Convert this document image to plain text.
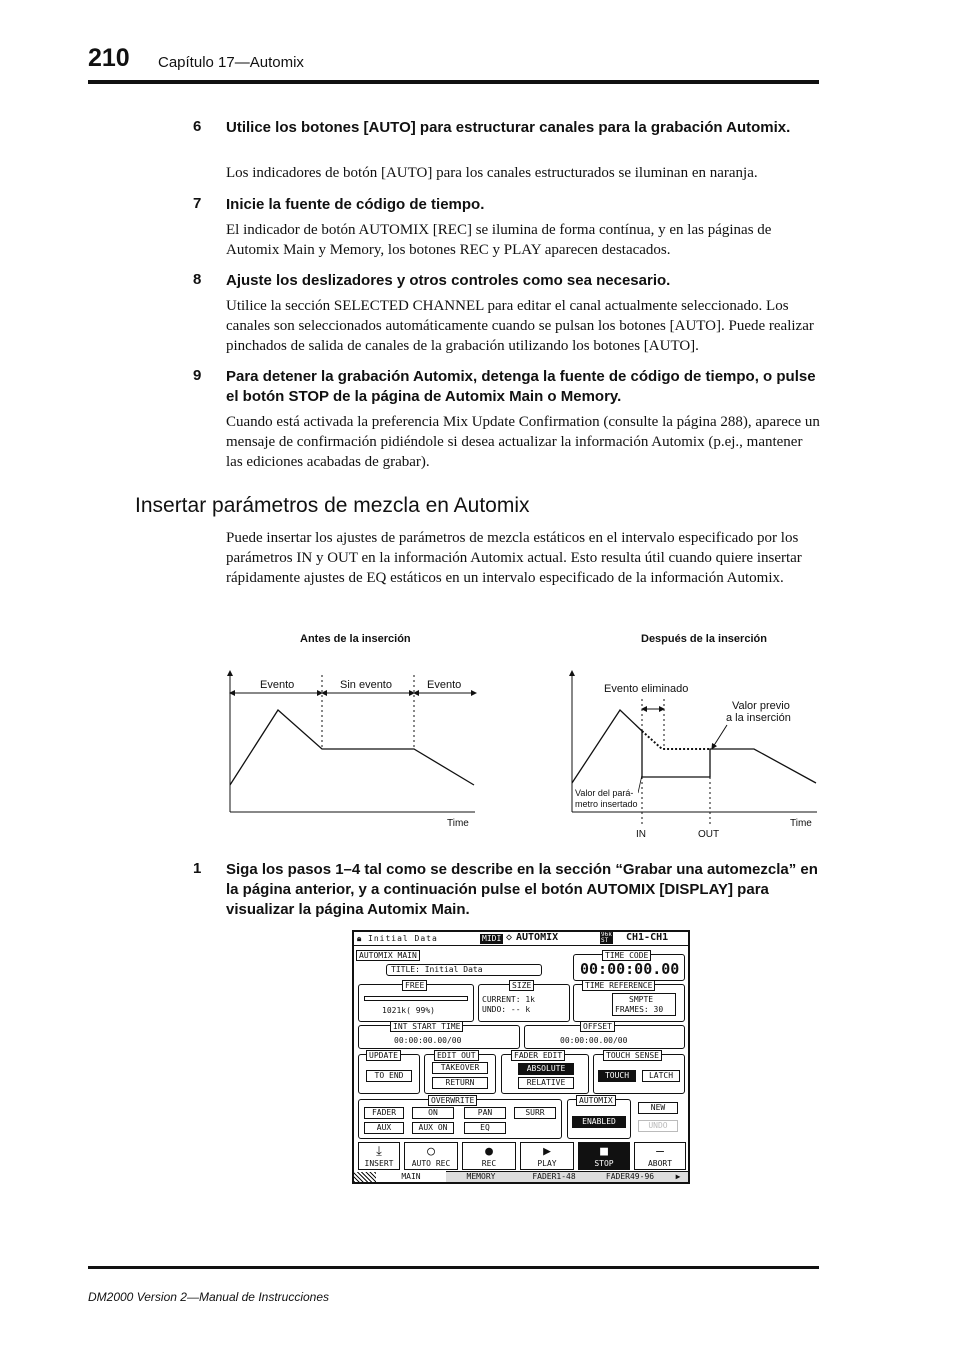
210 Capítulo 17—Automix
6 Utilice los botones [AUTO] para estructurar canales para la grabación Automix.
Los indicadores de botón [AUTO] para los canales estructurados se iluminan en naranja.
7 Inicie la fuente de código de tiempo.
El indicador de botón AUTOMIX [REC] se ilumina de forma contínua, y en las páginas de Automix Main y Memory, los botones REC y PLAY aparecen destacados.
8 Ajuste los deslizadores y otros controles como sea necesario.
Utilice la sección SELECTED CHANNEL para editar el canal actualmente seleccionado. Los canales son seleccionados automáticamente cuando se pulsan los botones [AUTO]. Puede realizar pinchados de salida de canales de la grabación utilizando los botones [AUTO].
9 Para detener la grabación Automix, detenga la fuente de código de tiempo, o pulse el botón STOP de la página de Automix Main o Memory.
Cuando está activada la preferencia Mix Update Confirmation (consulte la página 288), aparece un mensaje de confirmación pidiéndole si desea actualizar la información Automix (p.ej., mantener las ediciones acabadas de grabar).
Insertar parámetros de mezcla en Automix
Puede insertar los ajustes de parámetros de mezcla estáticos en el intervalo especificado por los parámetros IN y OUT en la información Automix actual. Esto resulta útil cuando quiere insertar rápidamente ajustes de EQ estáticos en un intervalo especificado de la información Automix.
Antes de la inserción
Evento	Sin evento	Evento
Time
Después de la inserción
Evento eliminado
Valor previo
a la inserción
Valor del pará-
metro insertado
IN	OUT
Time
1 Siga los pasos 1–4 tal como se describe en la sección “Grabar una automezcla” en la página anterior, y a continuación pulse el botón AUTOMIX [DISPLAY] para visualizar la página Automix Main.
🔒︎ Initial Data	MIDI ◇ AUTOMIX	96k
ST	CH1-CH1
AUTOMIX MAIN
TITLE: Initial Data
TIME CODE
00:00:00.00
FREE
1021k( 99%)
SIZE
CURRENT: 1k
UNDO: -- k
TIME REFERENCE
SMPTE
FRAMES: 30
INT START TIME
00:00:00.00/00
OFFSET
00:00:00.00/00
UPDATE
TO END
EDIT OUT
TAKEOVER
RETURN
FADER EDIT
ABSOLUTE
RELATIVE
TOUCH SENSE
TOUCH	LATCH
OVERWRITE
FADER	ON	PAN	SURR
AUX	AUX ON	EQ
AUTOMIX
ENABLED
NEW
UNDO
⤓
INSERT
○
AUTO REC
●
REC
▶
PLAY
■
STOP
—
ABORT
MAIN	MEMORY	FADER1-48	FADER49-96	▶
DM2000 Version 2—Manual de Instrucciones
